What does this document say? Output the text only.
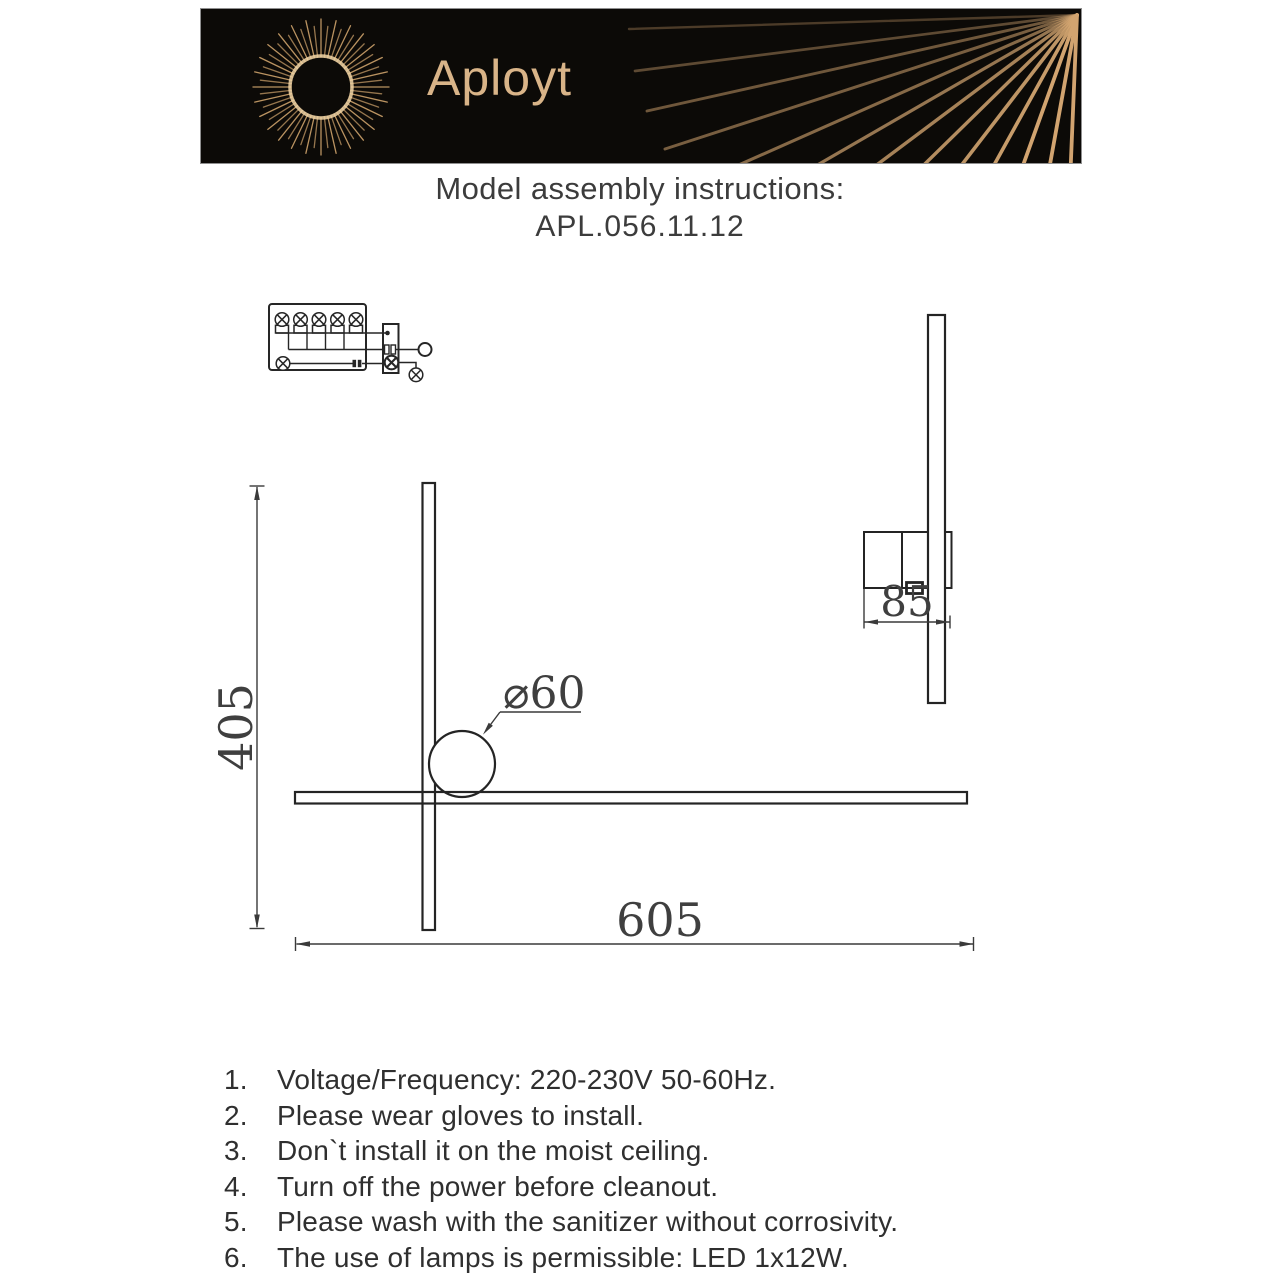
Aployt
Model assembly instructions:
APL.056.11.12
405
605
85
⌀60
1.	Voltage/Frequency: 220-230V 50-60Hz.
2.	Please wear gloves to install.
3.	Don`t install it on the moist ceiling.
4.	Turn off the power before cleanout.
5.	Please wash with the sanitizer without corrosivity.
6.	The use of lamps is permissible: LED 1x12W.
